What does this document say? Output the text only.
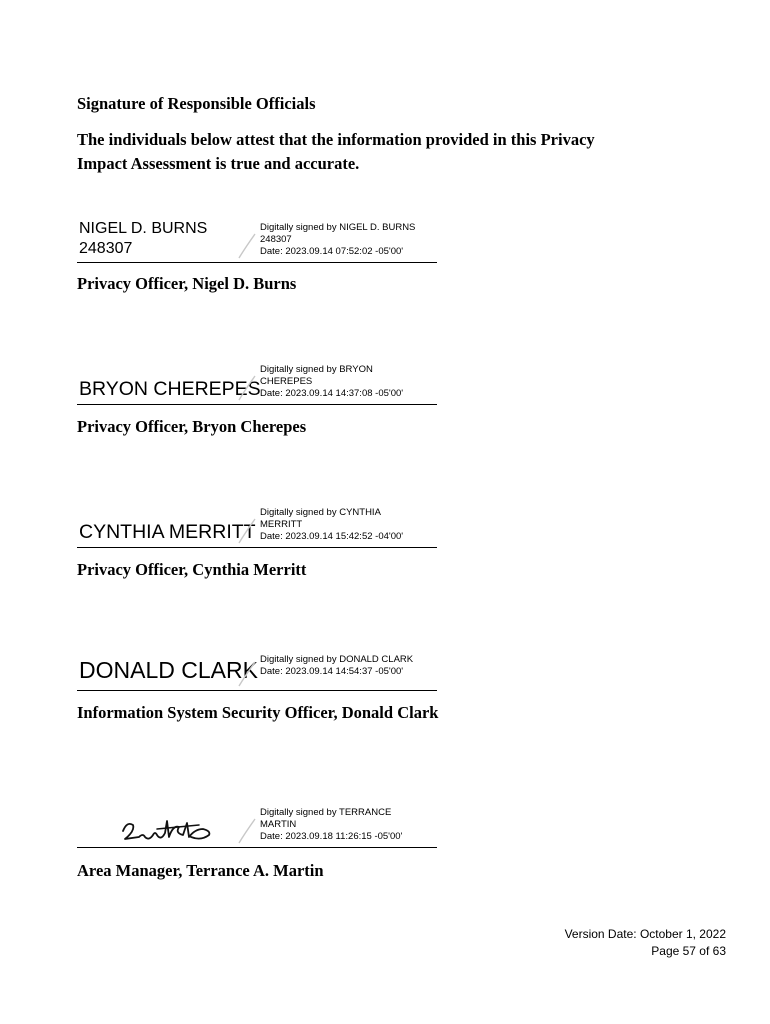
Signature of Responsible Officials
The individuals below attest that the information provided in this Privacy
Impact Assessment is true and accurate.
NIGEL D. BURNS
248307
Digitally signed by NIGEL D. BURNS
248307
Date: 2023.09.14 07:52:02 -05'00'
Privacy Officer, Nigel D. Burns
BRYON CHEREPES
Digitally signed by BRYON
CHEREPES
Date: 2023.09.14 14:37:08 -05'00'
Privacy Officer, Bryon Cherepes
CYNTHIA MERRITT
Digitally signed by CYNTHIA
MERRITT
Date: 2023.09.14 15:42:52 -04'00'
Privacy Officer, Cynthia Merritt
DONALD CLARK Digitally signed by DONALD CLARK
Date: 2023.09.14 14:54:37 -05'00'
Information System Security Officer, Donald Clark
Digitally signed by TERRANCE
MARTIN
Date: 2023.09.18 11:26:15 -05'00'
Area Manager, Terrance A. Martin
Version Date: October 1, 2022
Page 57 of 63
